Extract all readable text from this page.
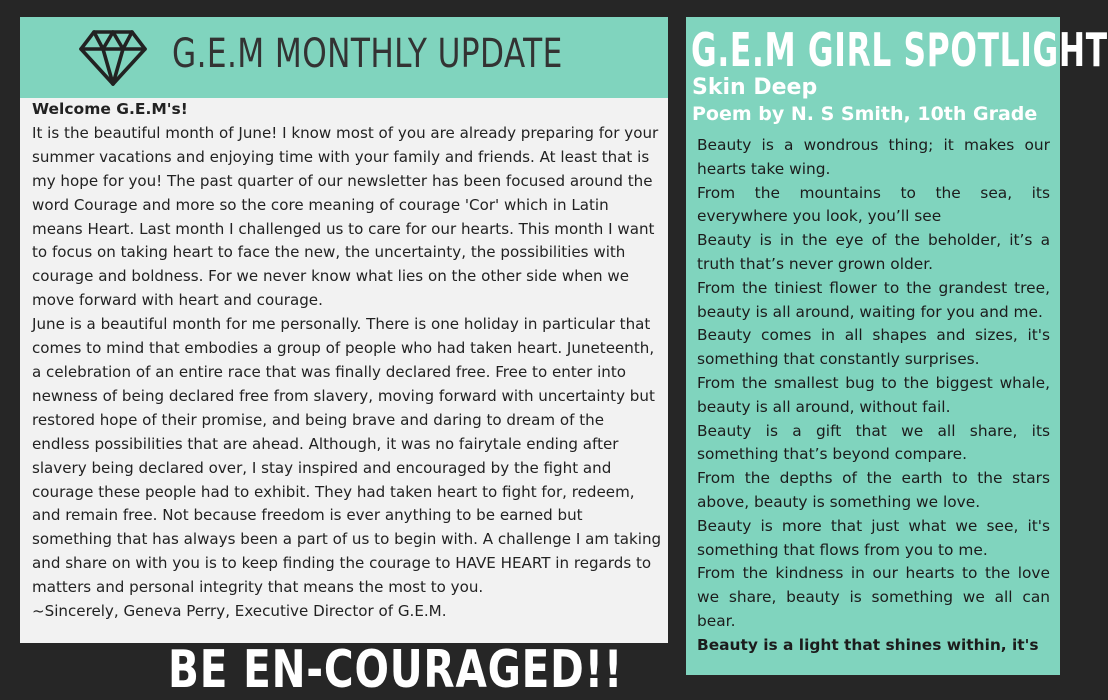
G.E.M MONTHLY UPDATE

Welcome G.E.M's!

It is the beautiful month of June! I know most of you are already preparing for your summer vacations and enjoying time with your family and friends. At least that is my hope for you! The past quarter of our newsletter has been focused around the word Courage and more so the core meaning of courage 'Cor' which in Latin means Heart. Last month I challenged us to care for our hearts. This month I want to focus on taking heart to face the new, the uncertainty, the possibilities with courage and boldness. For we never know what lies on the other side when we move forward with heart and courage.

June is a beautiful month for me personally. There is one holiday in particular that comes to mind that embodies a group of people who had taken heart. Juneteenth, a celebration of an entire race that was finally declared free. Free to enter into newness of being declared free from slavery, moving forward with uncertainty but restored hope of their promise, and being brave and daring to dream of the endless possibilities that are ahead. Although, it was no fairytale ending after slavery being declared over, I stay inspired and encouraged by the fight and courage these people had to exhibit. They had taken heart to fight for, redeem, and remain free. Not because freedom is ever anything to be earned but something that has always been a part of us to begin with. A challenge I am taking and share on with you is to keep finding the courage to HAVE HEART in regards to matters and personal integrity that means the most to you.

~Sincerely, Geneva Perry, Executive Director of G.E.M.

G.E.M GIRL SPOTLIGHT
Skin Deep
Poem by N. S Smith, 10th Grade

Beauty is a wondrous thing; it makes our hearts take wing.

From the mountains to the sea, its everywhere you look, you’ll see

Beauty is in the eye of the beholder, it’s a truth that’s never grown older.

From the tiniest flower to the grandest tree, beauty is all around, waiting for you and me.

Beauty comes in all shapes and sizes, it's something that constantly surprises.

From the smallest bug to the biggest whale, beauty is all around, without fail.

Beauty is a gift that we all share, its something that’s beyond compare.

From the depths of the earth to the stars above, beauty is something we love.

Beauty is more that just what we see, it's something that flows from you to me.

From the kindness in our hearts to the love we share, beauty is something we all can bear.

Beauty is a light that shines within, it's

BE EN-COURAGED!!
